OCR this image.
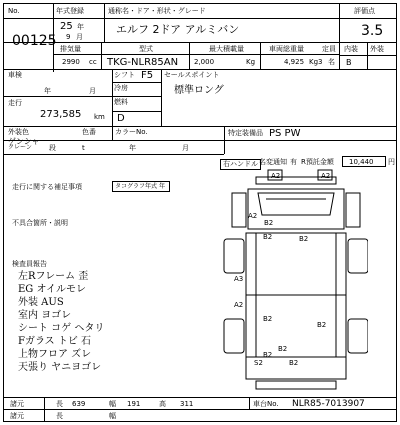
No.
00125
年式登録
25 年
9 月
通称名・ドア・形状・グレード
エルフ 2ドア アルミバン
評価点
3.5
内装 外装
B
排気量
2990 cc
型式
TKG-NLR85AN
最大積載量
2,000	Kg
車両総重量
4,925 Kg
定員
3 名
車検
年	月
シフト F5
冷房
燃料
D
セールスポイント
標準ロング
走行
273,585 km
外装色
ゲンシャ
色番	カラーNo.
クレーン 段	t	年	月
特定装備品 PS PW
右ハンドル 名変通知 有 R預託金額 10,440 円
走行に関する補足事項	タコグラフ年式 年
不具合箇所・説明
検査員報告
左Rフレーム 歪
EG オイルモレ
外装 AUS
室内 ヨゴレ
シート コゲ ヘタリ
Fガラス トビ 石
上物フロア ズレ
天張り ヤニヨゴレ
A2	A2
A2
B2
B2
A3
A2
B2
B2
B2
B2
S2	B2
B2
諸元	長 639	幅 191	高 311	車台No. NLR85-7013907
諸元	長	幅
